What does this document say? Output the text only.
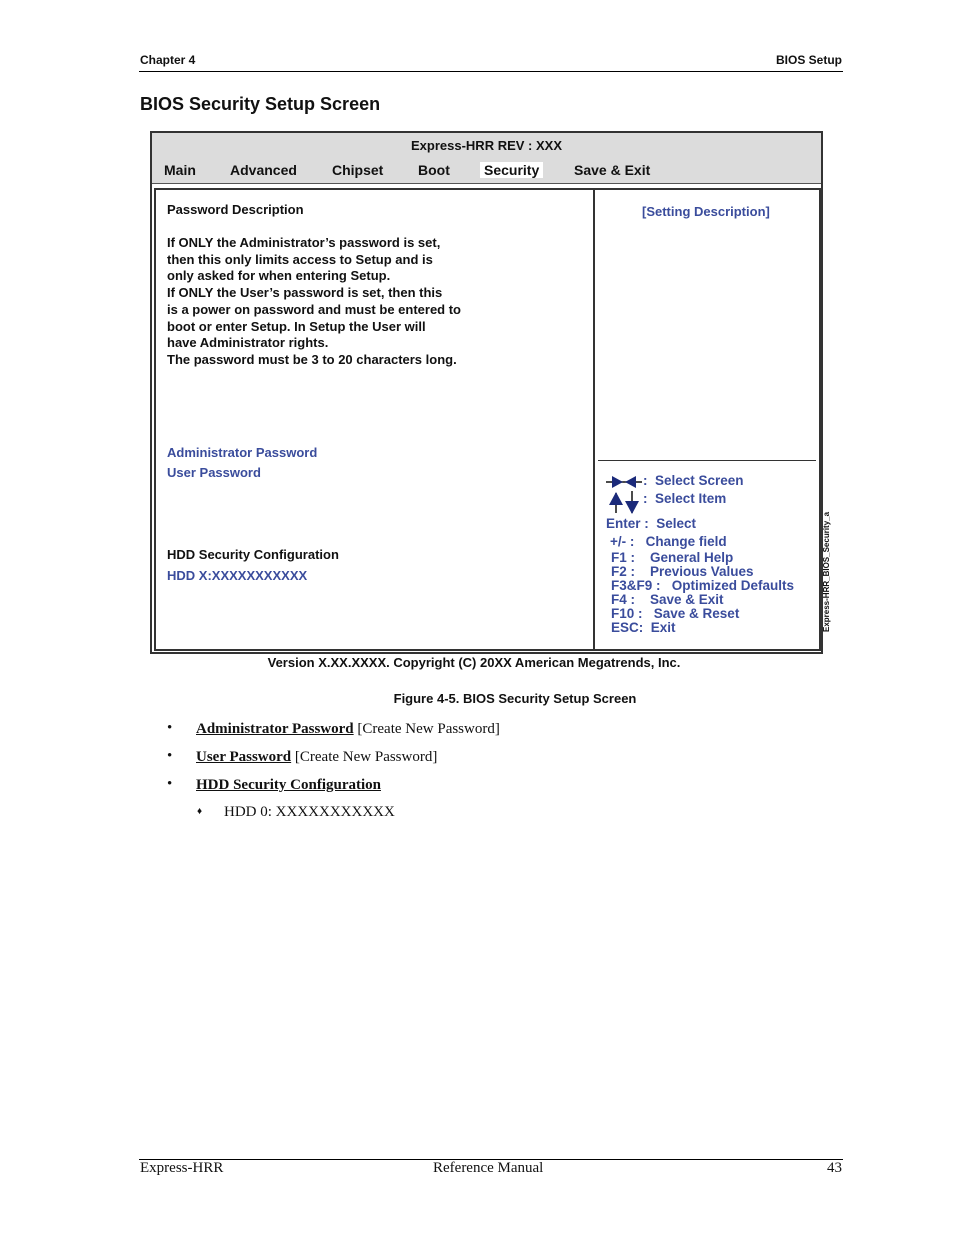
Chapter 4	BIOS Setup
BIOS Security Setup Screen
Express-HRR REV : XXX
Main Advanced	Chipset Boot Security Save & Exit
Password Description
If ONLY the Administrator’s password is set,
then this only limits access to Setup and is
only asked for when entering Setup.
If ONLY the User’s password is set, then this
is a power on password and must be entered to
boot or enter Setup. In Setup the User will
have Administrator rights.
The password must be 3 to 20 characters long.
Administrator Password
User Password
HDD Security Configuration
HDD X:XXXXXXXXXXX
[Setting Description]
:  Select Screen
:  Select Item
Enter :  Select
+/- :   Change field
F1 :    General Help
F2 :    Previous Values
F3&F9 :   Optimized Defaults
F4 :    Save & Exit
F10 :   Save & Reset
ESC:  Exit	Express-HRR_BIOS_Security_a
Version X.XX.XXXX. Copyright (C) 20XX American Megatrends, Inc.
Figure 4-5. BIOS Security Setup Screen
• Administrator Password [Create New Password]
• User Password [Create New Password]
• HDD Security Configuration
♦ HDD 0: XXXXXXXXXXX
Express-HRR	Reference Manual	43
